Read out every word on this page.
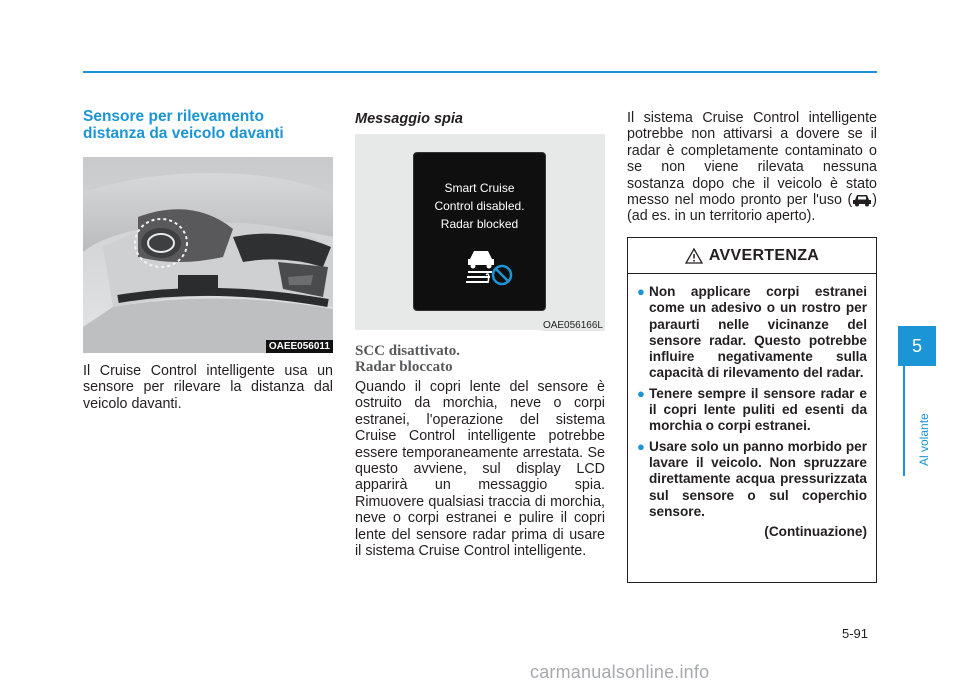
Sensore per rilevamento
distanza da veicolo davanti
OAEE056011
Il Cruise Control intelligente usa un sensore per rilevare la distanza dal veicolo davanti.
Messaggio spia
Smart Cruise
Control disabled.
Radar blocked
OAE056166L
SCC disattivato.
Radar bloccato
Quando il copri lente del sensore è ostruito da morchia, neve o corpi estranei, l'operazione del sistema Cruise Control intelligente potrebbe essere temporaneamente arrestata. Se questo avviene, sul display LCD apparirà un messaggio spia. Rimuovere qualsiasi traccia di morchia, neve o corpi estranei e pulire il copri lente del sensore radar prima di usare il sistema Cruise Control intelligente.
Il sistema Cruise Control intelligente potrebbe non attivarsi a dovere se il radar è completamente contaminato o se non viene rilevata nessuna sostanza dopo che il veicolo è stato messo nel modo pronto per l'uso ( ) (ad es. in un territorio aperto).
AVVERTENZA
● Non applicare corpi estranei come un adesivo o un rostro per paraurti nelle vicinanze del sensore radar. Questo potrebbe influire negativamente sulla capacità di rilevamento del radar.
● Tenere sempre il sensore radar e il copri lente puliti ed esenti da morchia o corpi estranei.
● Usare solo un panno morbido per lavare il veicolo. Non spruzzare direttamente acqua pressurizzata sul sensore o sul coperchio sensore.
(Continuazione)
5
Al volante
5-91
carmanualsonline.info
